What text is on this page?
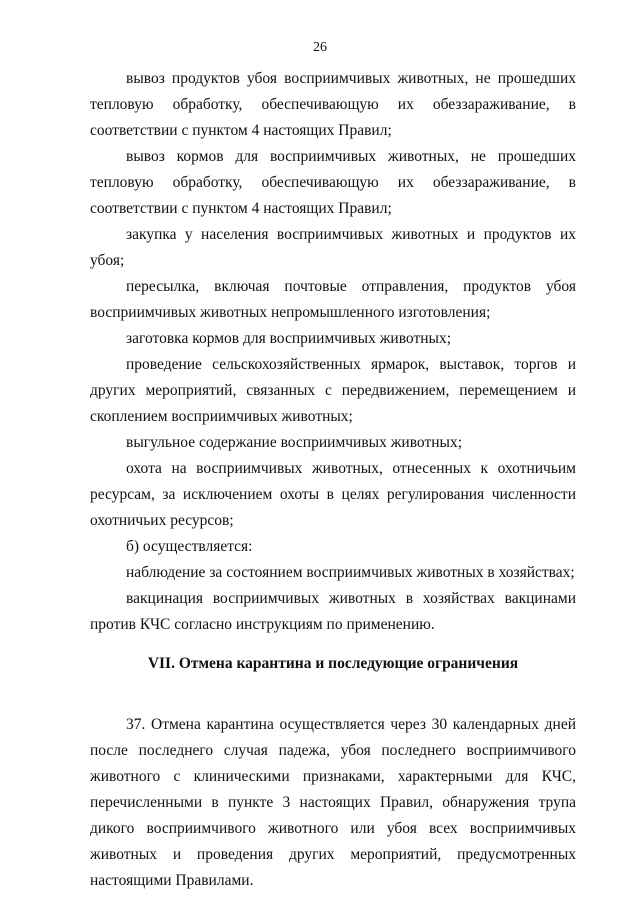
26

вывоз продуктов убоя восприимчивых животных, не прошедших тепловую обработку, обеспечивающую их обеззараживание, в соответствии с пунктом 4 настоящих Правил;

вывоз кормов для восприимчивых животных, не прошедших тепловую обработку, обеспечивающую их обеззараживание, в соответствии с пунктом 4 настоящих Правил;

закупка у населения восприимчивых животных и продуктов их убоя;

пересылка, включая почтовые отправления, продуктов убоя восприимчивых животных непромышленного изготовления;

заготовка кормов для восприимчивых животных;

проведение сельскохозяйственных ярмарок, выставок, торгов и других мероприятий, связанных с передвижением, перемещением и скоплением восприимчивых животных;

выгульное содержание восприимчивых животных;

охота на восприимчивых животных, отнесенных к охотничьим ресурсам, за исключением охоты в целях регулирования численности охотничьих ресурсов;

б) осуществляется:

наблюдение за состоянием восприимчивых животных в хозяйствах;

вакцинация восприимчивых животных в хозяйствах вакцинами против КЧС согласно инструкциям по применению.

VII. Отмена карантина и последующие ограничения

37. Отмена карантина осуществляется через 30 календарных дней после последнего случая падежа, убоя последнего восприимчивого животного с клиническими признаками, характерными для КЧС, перечисленными в пункте 3 настоящих Правил, обнаружения трупа дикого восприимчивого животного или убоя всех восприимчивых животных и проведения других мероприятий, предусмотренных настоящими Правилами.
